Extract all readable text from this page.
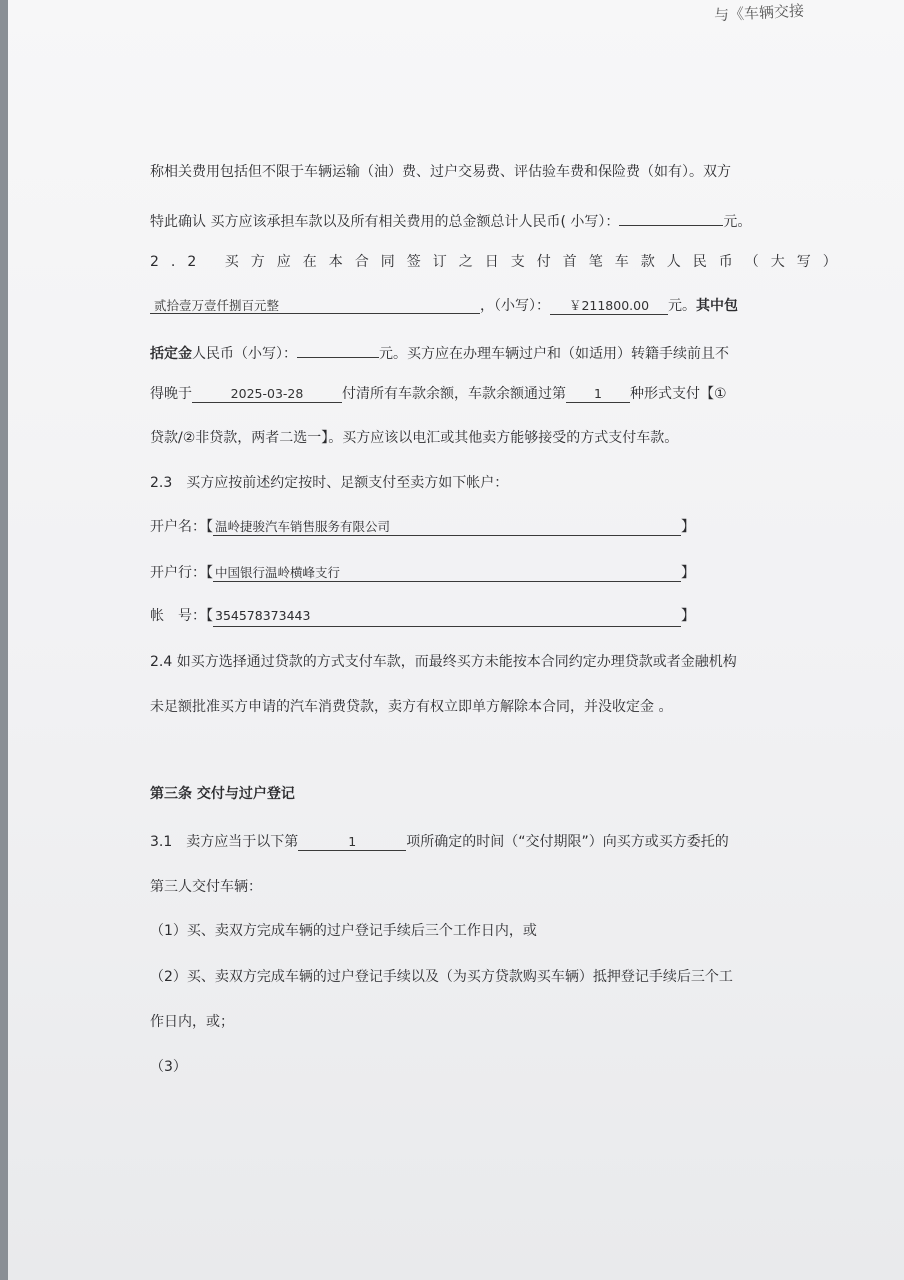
与《车辆交接
称相关费用包括但不限于车辆运输（油）费、过户交易费、评估验车费和保险费（如有）。双方
特此确认 买方应该承担车款以及所有相关费用的总金额总计人民币( 小写）：	元。
2.2 买方应在本合同签订之日支付首笔车款人民币（大写）
贰拾壹万壹仟捌百元整	，（小写）： ￥211800.00 元。其中包
括定金人民币（小写）：	元。买方应在办理车辆过户和（如适用）转籍手续前且不
得晚于	2025-03-28	付清所有车款余额，车款余额通过第 1 种形式支付【①
贷款/②非贷款，两者二选一】。买方应该以电汇或其他卖方能够接受的方式支付车款。
2.3　买方应按前述约定按时、足额支付至卖方如下帐户：
开户名：【 温岭捷骏汽车销售服务有限公司	】
开户行：【 中国银行温岭横峰支行	】
帐　号：【 354578373443	】
2.4 如买方选择通过贷款的方式支付车款，而最终买方未能按本合同约定办理贷款或者金融机构
未足额批准买方申请的汽车消费贷款，卖方有权立即单方解除本合同，并没收定金 。
第三条 交付与过户登记
3.1　卖方应当于以下第	1	项所确定的时间（“交付期限”）向买方或买方委托的
第三人交付车辆：
（1）买、卖双方完成车辆的过户登记手续后三个工作日内，或
（2）买、卖双方完成车辆的过户登记手续以及（为买方贷款购买车辆）抵押登记手续后三个工
作日内，或；
（3）
